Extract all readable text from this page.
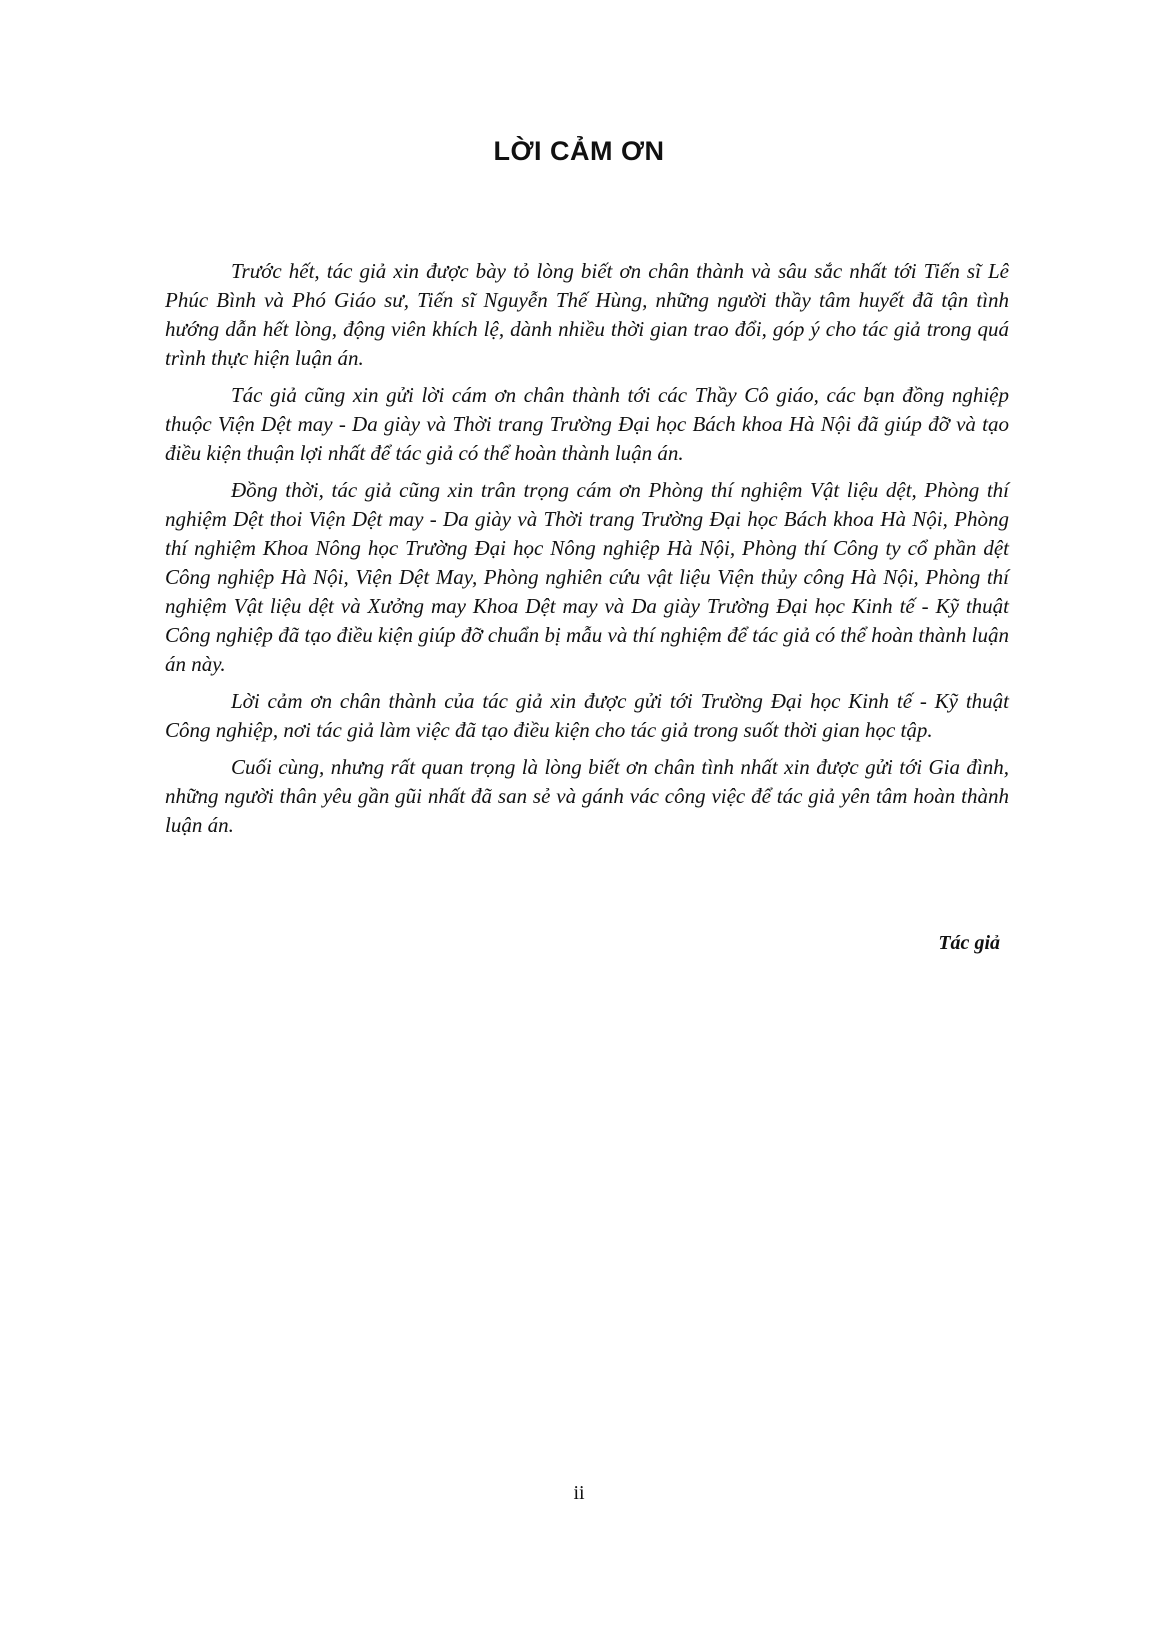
LỜI CẢM ƠN

Trước hết, tác giả xin được bày tỏ lòng biết ơn chân thành và sâu sắc nhất tới Tiến sĩ Lê Phúc Bình và Phó Giáo sư, Tiến sĩ Nguyễn Thế Hùng, những người thầy tâm huyết đã tận tình hướng dẫn hết lòng, động viên khích lệ, dành nhiều thời gian trao đổi, góp ý cho tác giả trong quá trình thực hiện luận án.

Tác giả cũng xin gửi lời cám ơn chân thành tới các Thầy Cô giáo, các bạn đồng nghiệp thuộc Viện Dệt may - Da giày và Thời trang Trường Đại học Bách khoa Hà Nội đã giúp đỡ và tạo điều kiện thuận lợi nhất để tác giả có thể hoàn thành luận án.

Đồng thời, tác giả cũng xin trân trọng cám ơn Phòng thí nghiệm Vật liệu dệt, Phòng thí nghiệm Dệt thoi Viện Dệt may - Da giày và Thời trang Trường Đại học Bách khoa Hà Nội, Phòng thí nghiệm Khoa Nông học Trường Đại học Nông nghiệp Hà Nội, Phòng thí Công ty cổ phần dệt Công nghiệp Hà Nội, Viện Dệt May, Phòng nghiên cứu vật liệu Viện thủy công Hà Nội, Phòng thí nghiệm Vật liệu dệt và Xưởng may Khoa Dệt may và Da giày Trường Đại học Kinh tế - Kỹ thuật Công nghiệp đã tạo điều kiện giúp đỡ chuẩn bị mẫu và thí nghiệm để tác giả có thể hoàn thành luận án này.

Lời cảm ơn chân thành của tác giả xin được gửi tới Trường Đại học Kinh tế - Kỹ thuật Công nghiệp, nơi tác giả làm việc đã tạo điều kiện cho tác giả trong suốt thời gian học tập.

Cuối cùng, nhưng rất quan trọng là lòng biết ơn chân tình nhất xin được gửi tới Gia đình, những người thân yêu gần gũi nhất đã san sẻ và gánh vác công việc để tác giả yên tâm hoàn thành luận án.

Tác giả

ii
